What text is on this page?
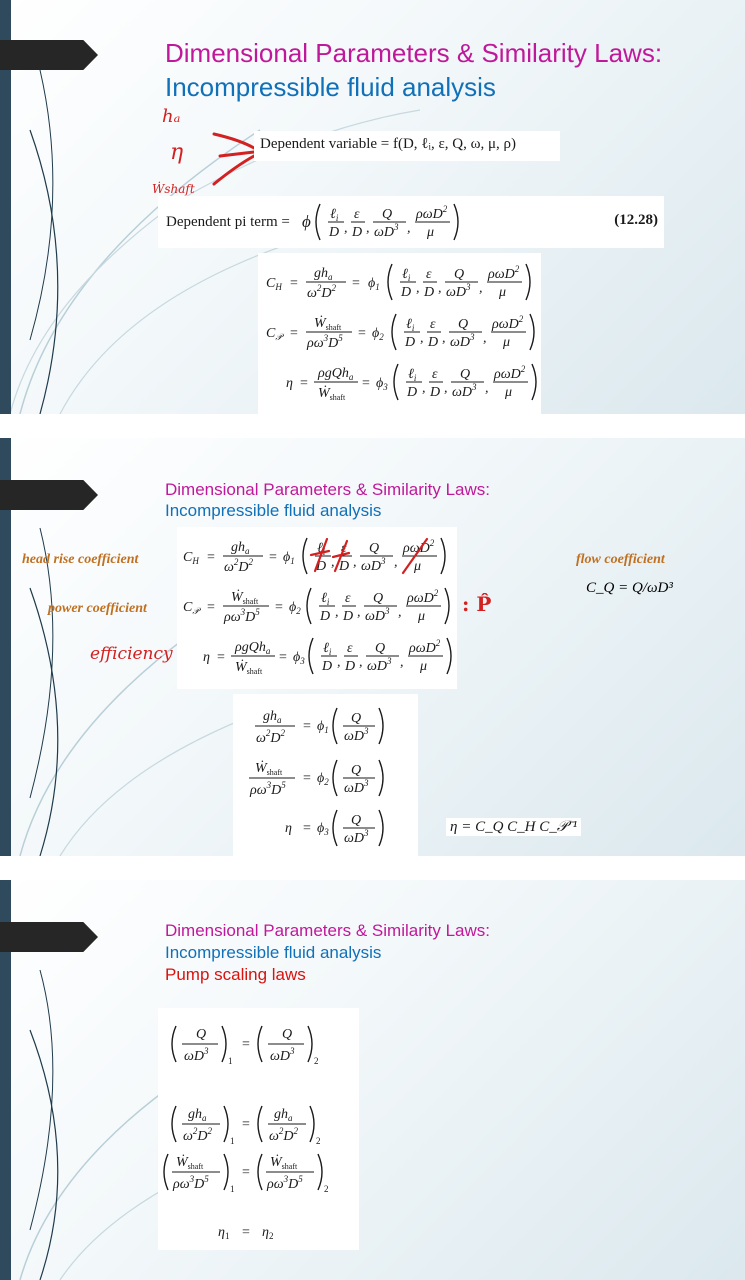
Dimensional Parameters & Similarity Laws:
Incompressible fluid analysis
hₐ
η
Ẇshaft
Dependent variable = f(D, ℓᵢ, ε, Q, ω, μ, ρ)
Dependent pi term = ϕ	(12.28)
$C_H$ =
$gh_a$
$\omega^2D^2 = \phi_1$
$C_𝒫$ =
Ẇ$_{shaft}$
$\rho\omega^3D^5 = \phi_2$
η =
ρgQh$_a$
Ẇ$_{shaft}$
= $\phi_3$
Dimensional Parameters & Similarity Laws:
Incompressible fluid analysis
head rise coefficient
power coefficient
efficiency
$C_H$ =
$gh_a$
$\omega^2D^2 = \phi_1$
$C_𝒫$ =
Ẇ$_{shaft}$
$\rho\omega^3D^5 = \phi_2$
η =
ρgQh$_a$
Ẇ$_{shaft}$
= $\phi_3$
: P̂
flow coefficient
C_Q = Q/ωD³
$gh_a$
$\omega^2D^2 = \phi_1$
Ẇ$_{shaft}$
$\rho\omega^3D^5 = \phi_2$
$\eta = \phi_3$	η = C_Q C_H C_𝒫⁻¹
Dimensional Parameters & Similarity Laws:
Incompressible fluid analysis
Pump scaling laws
Q
$\omega D^3$
1
=
Q
$\omega D^3$
2
$gh_a$
$\omega^2D^2$
1
=
$gh_a$
$\omega^2D^2$
2
Ẇ$_{shaft}$
$\rho\omega^3D^5$
1
=
Ẇ$_{shaft}$
$\rho\omega^3D^5$
2
$\eta_1 = \eta_2$
